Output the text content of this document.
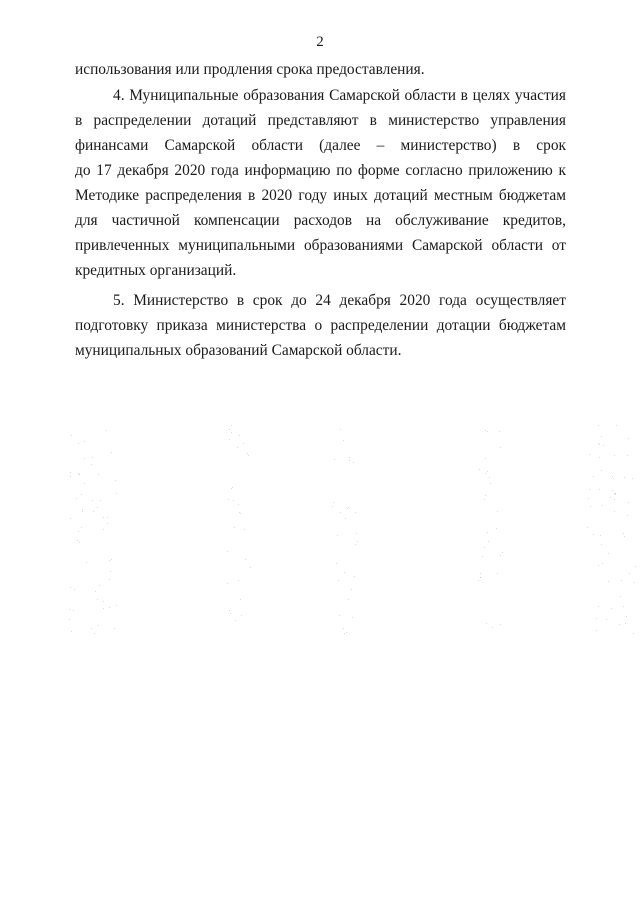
2
использования или продления срока предоставления.
4. Муниципальные образования Самарской области в целях участия
в распределении дотаций представляют в министерство управления
финансами Самарской области (далее – министерство) в срок
до 17 декабря 2020 года информацию по форме согласно приложению к
Методике распределения в 2020 году иных дотаций местным бюджетам
для частичной компенсации расходов на обслуживание кредитов,
привлеченных муниципальными образованиями Самарской области от
кредитных организаций.
5. Министерство в срок до 24 декабря 2020 года осуществляет
подготовку приказа министерства о распределении дотации бюджетам
муниципальных образований Самарской области.
